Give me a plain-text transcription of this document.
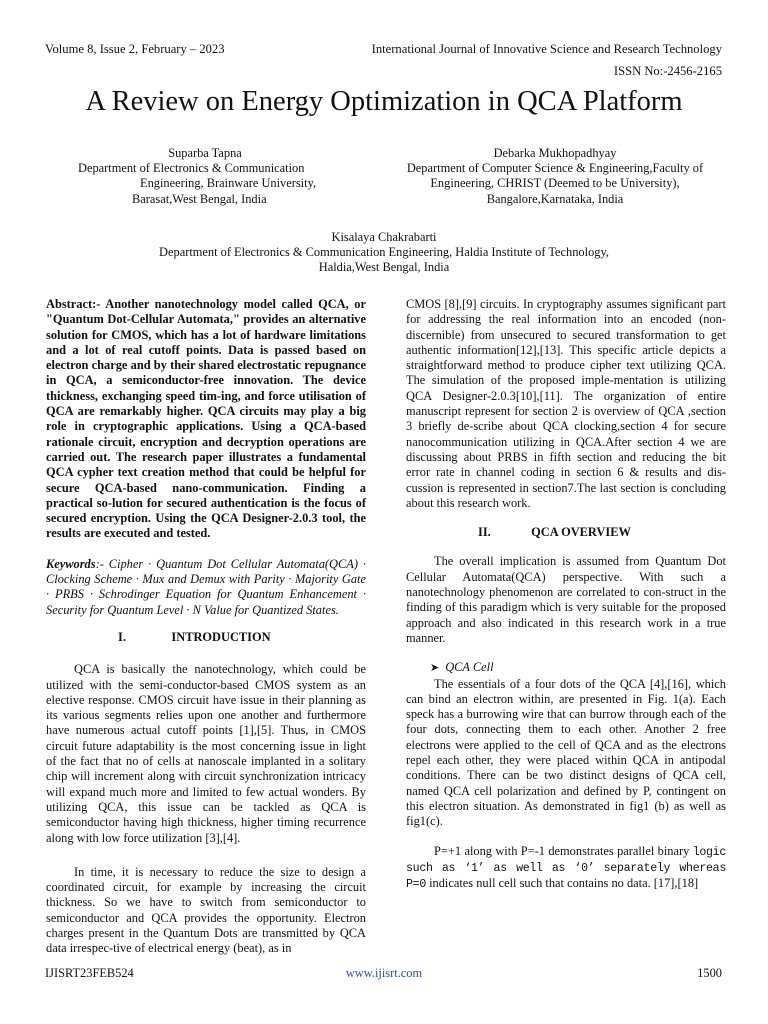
Volume 8, Issue 2, February – 2023	International Journal of Innovative Science and Research Technology
ISSN No:-2456-2165
A Review on Energy Optimization in QCA Platform
Suparba Tapna
Department of Electronics & Communication
Engineering, Brainware University,
Barasat,West Bengal, India
Debarka Mukhopadhyay
Department of Computer Science & Engineering,Faculty of
Engineering, CHRIST (Deemed to be University),
Bangalore,Karnataka, India
Kisalaya Chakrabarti
Department of Electronics & Communication Engineering, Haldia Institute of Technology,
Haldia,West Bengal, India

Abstract:- Another nanotechnology model called QCA, or "Quantum Dot-Cellular Automata," provides an alternative solution for CMOS, which has a lot of hardware limitations and a lot of real cutoff points. Data is passed based on electron charge and by their shared electrostatic repugnance in QCA, a semiconductor-free innovation. The device thickness, exchanging speed tim-ing, and force utilisation of QCA are remarkably higher. QCA circuits may play a big role in cryptographic applications. Using a QCA-based rationale circuit, encryption and decryption operations are carried out. The research paper illustrates a fundamental QCA cypher text creation method that could be helpful for secure QCA-based nano-communication. Finding a practical so-lution for secured authentication is the focus of secured encryption. Using the QCA Designer-2.0.3 tool, the results are executed and tested.

Keywords:- Cipher · Quantum Dot Cellular Automata(QCA) · Clocking Scheme · Mux and Demux with Parity · Majority Gate · PRBS · Schrodinger Equation for Quantum Enhancement · Security for Quantum Level · N Value for Quantized States.

I.	INTRODUCTION

QCA is basically the nanotechnology, which could be utilized with the semi-conductor-based CMOS system as an elective response. CMOS circuit have issue in their planning as its various segments relies upon one another and furthermore have numerous actual cutoff points [1],[5]. Thus, in CMOS circuit future adaptability is the most concerning issue in light of the fact that no of cells at nanoscale implanted in a solitary chip will increment along with circuit synchronization intricacy will expand much more and limited to few actual wonders. By utilizing QCA, this issue can be tackled as QCA is semiconductor having high thickness, higher timing recurrence along with low force utilization [3],[4].

In time, it is necessary to reduce the size to design a coordinated circuit, for example by increasing the circuit thickness. So we have to switch from semiconductor to semiconductor and QCA provides the opportunity. Electron charges present in the Quantum Dots are transmitted by QCA data irrespec-tive of electrical energy (beat), as in

CMOS [8],[9] circuits. In cryptography assumes significant part for addressing the real information into an encoded (non-discernible) from unsecured to secured transformation to get authentic information[12],[13]. This specific article depicts a straightforward method to produce cipher text utilizing QCA. The simulation of the proposed imple-mentation is utilizing QCA Designer-2.0.3[10],[11]. The organization of entire manuscript represent for section 2 is overview of QCA ,section 3 briefly de-scribe about QCA clocking,section 4 for secure nanocommunication utilizing in QCA.After section 4 we are discussing about PRBS in fifth section and reducing the bit error rate in channel coding in section 6 & results and dis-cussion is represented in section7.The last section is concluding about this research work.

II.	QCA OVERVIEW

The overall implication is assumed from Quantum Dot Cellular Automata(QCA) perspective. With such a nanotechnology phenomenon are correlated to con-struct in the finding of this paradigm which is very suitable for the proposed approach and also indicated in this research work in a true manner.

➤ QCA Cell

The essentials of a four dots of the QCA [4],[16], which can bind an electron within, are presented in Fig. 1(a). Each speck has a burrowing wire that can burrow through each of the four dots, connecting them to each other. Another 2 free electrons were applied to the cell of QCA and as the electrons repel each other, they were placed within QCA in antipodal conditions. There can be two distinct designs of QCA cell, named QCA cell polarization and defined by P, contingent on this electron situation. As demonstrated in fig1 (b) as well as fig1(c).

P=+1 along with P=-1 demonstrates parallel binary logic such as ‘1’ as well as ‘0’ separately whereas P=0 indicates null cell such that contains no data. [17],[18]

IJISRT23FEB524	www.ijisrt.com	1500
